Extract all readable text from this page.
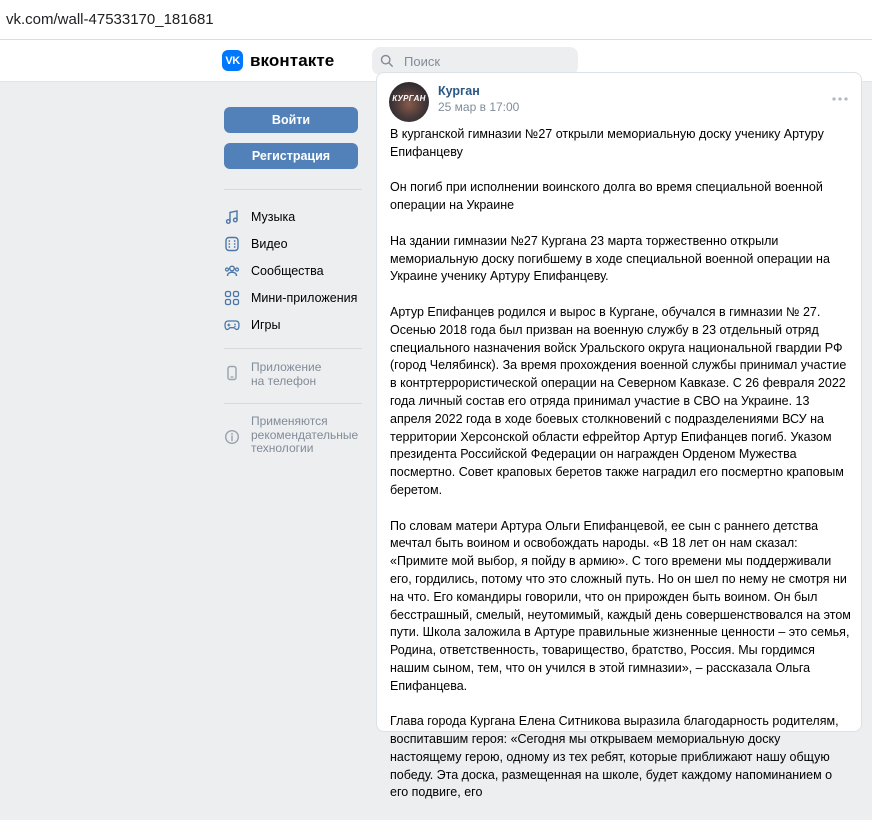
vk.com/wall-47533170_181681
VK вконтакте
Поиск
Войти
Регистрация
Музыка
Видео
Сообщества
Мини-приложения
Игры
Приложение
на телефон
Применяются
рекомендательные
технологии
КУРГАН
Курган
25 мар в 17:00

В курганской гимназии №27 открыли мемориальную доску ученику Артуру Епифанцеву

Он погиб при исполнении воинского долга во время специальной военной операции на Украине

На здании гимназии №27 Кургана 23 марта торжественно открыли мемориальную доску погибшему в ходе специальной военной операции на Украине ученику Артуру Епифанцеву.

Артур Епифанцев родился и вырос в Кургане, обучался в гимназии № 27. Осенью 2018 года был призван на военную службу в 23 отдельный отряд специального назначения войск Уральского округа национальной гвардии РФ (город Челябинск). За время прохождения военной службы принимал участие в контртеррористической операции на Северном Кавказе. С 26 февраля 2022 года личный состав его отряда принимал участие в СВО на Украине. 13 апреля 2022 года в ходе боевых столкновений с подразделениями ВСУ на территории Херсонской области ефрейтор Артур Епифанцев погиб. Указом президента Российской Федерации он награжден Орденом Мужества посмертно. Совет краповых беретов также наградил его посмертно краповым беретом.

По словам матери Артура Ольги Епифанцевой, ее сын с раннего детства мечтал быть воином и освобождать народы. «В 18 лет он нам сказал: «Примите мой выбор, я пойду в армию». С того времени мы поддерживали его, гордились, потому что это сложный путь. Но он шел по нему не смотря ни на что. Его командиры говорили, что он прирожден быть воином. Он был бесстрашный, смелый, неутомимый, каждый день совершенствовался на этом пути. Школа заложила в Артуре правильные жизненные ценности – это семья, Родина, ответственность, товарищество, братство, Россия. Мы гордимся нашим сыном, тем, что он учился в этой гимназии», – рассказала Ольга Епифанцева.

Глава города Кургана Елена Ситникова выразила благодарность родителям, воспитавшим героя: «Сегодня мы открываем мемориальную доску настоящему герою, одному из тех ребят, которые приближают нашу общую победу. Эта доска, размещенная на школе, будет каждому напоминанием о его подвиге, его
